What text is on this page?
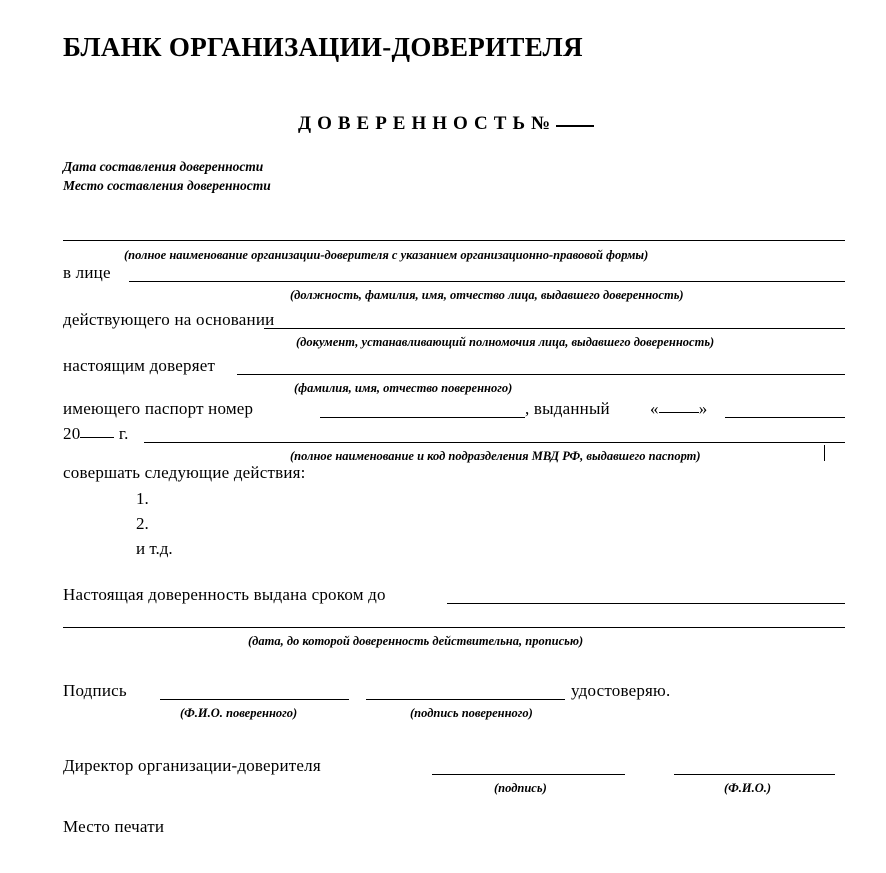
БЛАНК ОРГАНИЗАЦИИ-ДОВЕРИТЕЛЯ
ДОВЕРЕННОСТЬ№
Дата составления доверенности
Место составления доверенности
(полное наименование организации-доверителя с указанием организационно-правовой формы)
в лице
(должность, фамилия, имя, отчество лица, выдавшего доверенность)
действующего на основании
(документ, устанавливающий полномочия лица, выдавшего доверенность)
настоящим доверяет
(фамилия, имя, отчество поверенного)
имеющего паспорт номер	, выданный « »
20 г.
(полное наименование и код подразделения МВД РФ, выдавшего паспорт)
совершать следующие действия:
1.
2.
и т.д.
Настоящая доверенность выдана сроком до
(дата, до которой доверенность действительна, прописью)
Подпись
(Ф.И.О. поверенного)	(подпись поверенного)
удостоверяю.
Директор организации-доверителя
(подпись)	(Ф.И.О.)
Место печати
